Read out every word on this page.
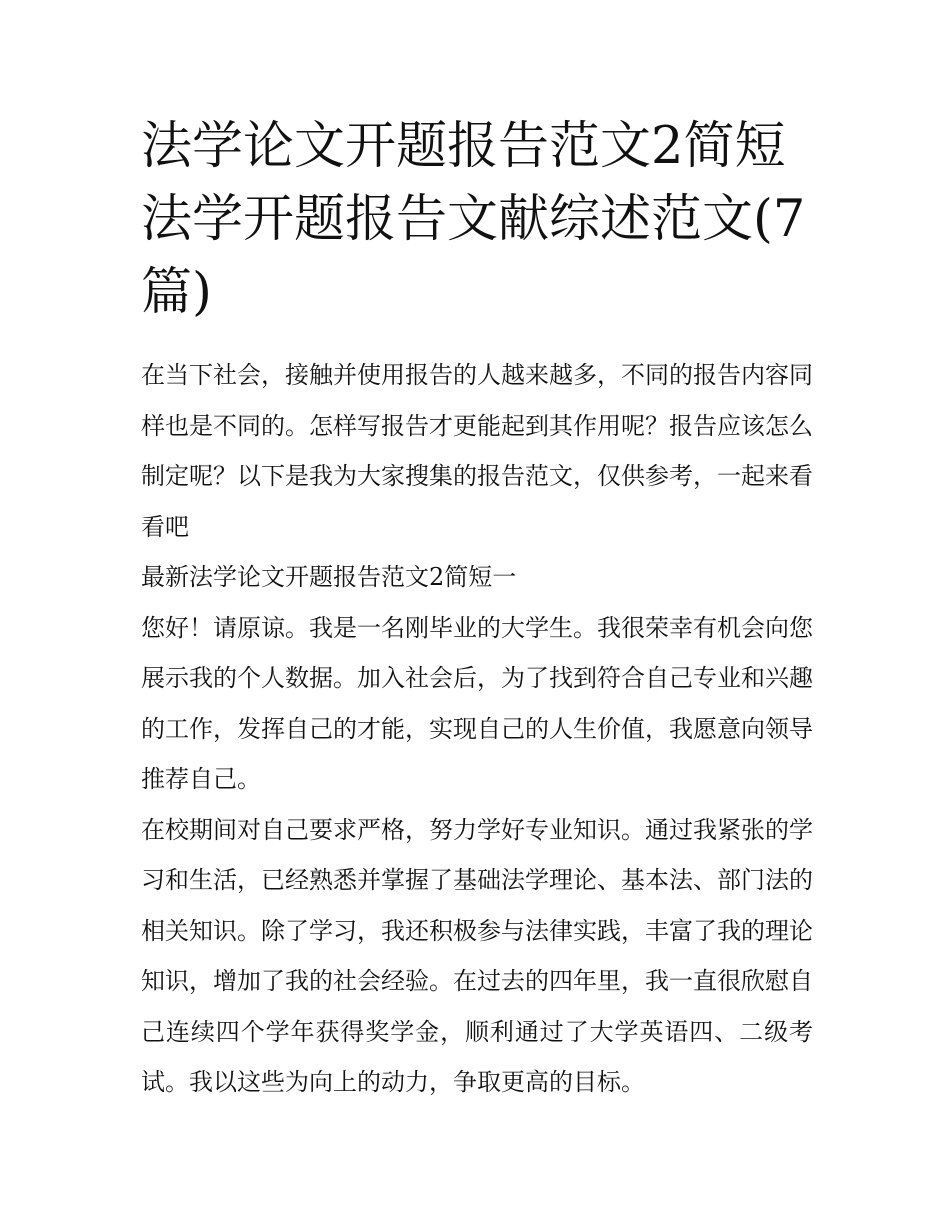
法学论文开题报告范文2简短法学开题报告文献综述范文(7篇)

在当下社会，接触并使用报告的人越来越多，不同的报告内容同样也是不同的。怎样写报告才更能起到其作用呢？报告应该怎么制定呢？以下是我为大家搜集的报告范文，仅供参考，一起来看看吧

最新法学论文开题报告范文2简短一

您好！请原谅。我是一名刚毕业的大学生。我很荣幸有机会向您展示我的个人数据。加入社会后，为了找到符合自己专业和兴趣的工作，发挥自己的才能，实现自己的人生价值，我愿意向领导推荐自己。

在校期间对自己要求严格，努力学好专业知识。通过我紧张的学习和生活，已经熟悉并掌握了基础法学理论、基本法、部门法的相关知识。除了学习，我还积极参与法律实践，丰富了我的理论知识，增加了我的社会经验。在过去的四年里，我一直很欣慰自己连续四个学年获得奖学金，顺利通过了大学英语四、二级考试。我以这些为向上的动力，争取更高的目标。
